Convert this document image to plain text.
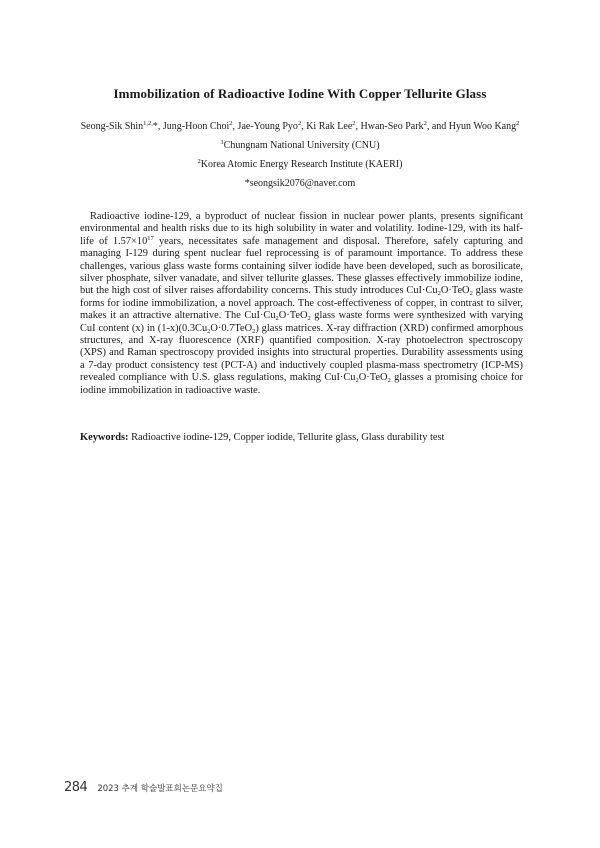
Immobilization of Radioactive Iodine With Copper Tellurite Glass
Seong-Sik Shin$^{1,2,}$*, Jung-Hoon Choi$^2$, Jae-Young Pyo$^2$, Ki Rak Lee$^2$, Hwan-Seo Park$^2$, and Hyun Woo Kang$^2$
$^1$Chungnam National University (CNU)
$^2$Korea Atomic Energy Research Institute (KAERI)
*seongsik2076@naver.com

Radioactive iodine-129, a byproduct of nuclear fission in nuclear power plants, presents significant environmental and health risks due to its high solubility in water and volatility. Iodine-129, with its half-life of $1.57\times 10^{17}$ years, necessitates safe management and disposal. Therefore, safely capturing and managing I-129 during spent nuclear fuel reprocessing is of paramount importance. To address these challenges, various glass waste forms containing silver iodide have been developed, such as borosilicate, silver phosphate, silver vanadate, and silver tellurite glasses. These glasses effectively immobilize iodine, but the high cost of silver raises affordability concerns. This study introduces $CuI\cdot Cu_2O\cdot TeO_2$ glass waste forms for iodine immobilization, a novel approach. The cost-effectiveness of copper, in contrast to silver, makes it an attractive alternative. The $CuI\cdot Cu_2O\cdot TeO_2$ glass waste forms were synthesized with varying CuI content (x) in $(1-x)(0.3Cu_2O\cdot 0.7TeO_2)$ glass matrices. X-ray diffraction (XRD) confirmed amorphous structures, and X-ray fluorescence (XRF) quantified composition. X-ray photoelectron spectroscopy (XPS) and Raman spectroscopy provided insights into structural properties. Durability assessments using a 7-day product consistency test (PCT-A) and inductively coupled plasma-mass spectrometry (ICP-MS) revealed compliance with U.S. glass regulations, making $CuI\cdot Cu_2O\cdot TeO_2$ glasses a promising choice for iodine immobilization in radioactive waste.

Keywords: Radioactive iodine-129, Copper iodide, Tellurite glass, Glass durability test

284 2023 추계 학술발표회논문요약집
